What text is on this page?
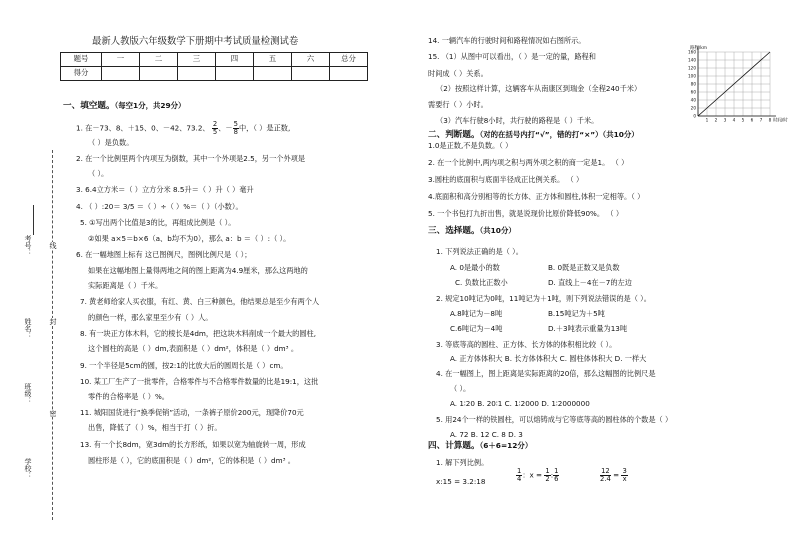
最新人教版六年级数学下册期中考试质量检测试卷
题号	一	二	三	四	五	六	总分
得分							
考号：
姓名：
班级：
学校：
线
封
密
一、填空题。（每空1分，共29分）
1. 在－73、8、＋15、0、－42、73.2、 $\frac{2}{5}$ 、－ $\frac{5}{8}$ 中，（ ）是正数,
（ ）是负数。
2. 在一个比例里两个内项互为倒数，其中一个外项是2.5，另一个外项是
（ ）。
3. 6.4立方米＝（ ）立方分米 8.5升＝（ ）升（ ）毫升
4. （ ）:20＝ 3/5 ＝（ ）÷（ ）%＝（ ）（小数）。
5. ①写出两个比值是3的比，再组成比例是（ ）。
②如果 a×5＝b×6（a、b均不为0），那么 a：b ＝（ ）:（ ）。
6. 在一幅地图上标有 这已图例尺，图例比例尺是（ ）；
如果在这幅地图上量得两地之间的图上距离为4.9厘米，那么这两地的
实际距离是（ ）千米。
7. 黄老师给家人买衣服，有红、黄、白三种颜色，他结果总是至少有两个人
的颜色一样，那么家里至少有（ ）人。
8. 有一块正方体木料，它的棱长是4dm，把这块木料削成一个最大的圆柱,
这个圆柱的高是（ ）dm,表面积是（ ）dm²，体积是（ ）dm³ 。
9. 一个半径是5cm的圆，按2:1的比放大后的圆周长是（ ）cm。
10. 某工厂生产了一批零件，合格零件与不合格零件数量的比是19:1，这批
零件的合格率是（ ）%。
11. 城阳国货进行“换季促销”活动，一条裤子原价200元，现降价70元
出售，降低了（ ）%，相当于打（ ）折。
13. 有一个长8dm，宽3dm的长方形纸，如果以宽为轴旋转一周，形成
圆柱形是（ ），它的底面积是（ ）dm²，它的体积是（ ）dm³ 。
14. 一辆汽车的行驶时间和路程情况如右图所示。
15. （1）从图中可以看出，（ ）是一定的量，路程和
时间成（ ）关系。
（2）按照这样计算，这辆客车从南康区到瑞金（全程240千米）
需要行（ ）小时。
（3）汽车行驶8小时，共行驶的路程是（ ）千米。
160
140
120
100
80
60
40
20
0
1 2 3 4 5 6 7 8
路程/km
时间/时
二、判断题。（对的在括号内打“√”，错的打“×”）（共10分）
1.0是正数,不是负数。（ ）
2. 在一个比例中,两内项之积与两外项之积的商一定是1。 （ ）
3.圆柱的底面积与底面半径成正比例关系。 （ ）
4.底面积和高分别相等的长方体、正方体和圆柱,体积一定相等。（ ）
5. 一个书包打九折出售，就是说现价比原价降低90%。 （ ）
三、选择题。（共10分）
1. 下列说法正确的是（ ）。
A. 0是最小的数	B. 0既是正数又是负数
C. 负数比正数小	D. 直线上－4在－7的左边
2. 规定10吨记为0吨，11吨记为＋1吨，则下列说法错误的是（ ）。
A.8吨记为－8吨	B.15吨记为＋5吨
C.6吨记为－4吨	D.＋3吨表示重量为13吨
3. 等底等高的圆柱、正方体、长方体的体积相比较（ ）。
A. 正方体体积大 B. 长方体体积大 C. 圆柱体体积大 D. 一样大
4. 在一幅图上，图上距离是实际距离的20倍，那么这幅图的比例尺是
（ ）。
A. 1∶20 B. 20∶1 C. 1∶2000 D. 1∶2000000
5. 用24个一样的铁圆柱，可以熔铸成与它等底等高的圆柱体的个数是（ ）
A. 72 B. 12 C. 8 D. 3
四、计算题。（6＋6=12分）
1. 解下列比例。
x:15 = 3.2:18	$\frac{1}{4}$ ：$x = \frac{1}{2}$ : $\frac{1}{6}$	$\frac{12}{2.4} = \frac{3}{x}$
